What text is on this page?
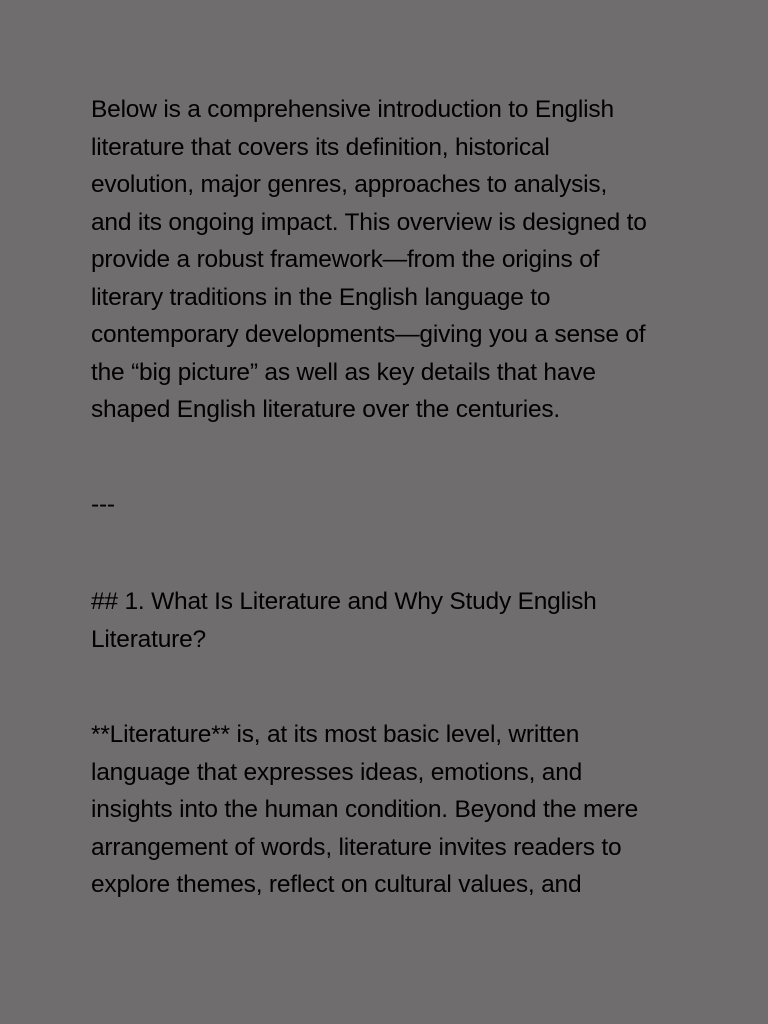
Below is a comprehensive introduction to English
literature that covers its definition, historical
evolution, major genres, approaches to analysis,
and its ongoing impact. This overview is designed to
provide a robust framework—from the origins of
literary traditions in the English language to
contemporary developments—giving you a sense of
the “big picture” as well as key details that have
shaped English literature over the centuries.

---

## 1. What Is Literature and Why Study English
Literature?

**Literature** is, at its most basic level, written
language that expresses ideas, emotions, and
insights into the human condition. Beyond the mere
arrangement of words, literature invites readers to
explore themes, reflect on cultural values, and
